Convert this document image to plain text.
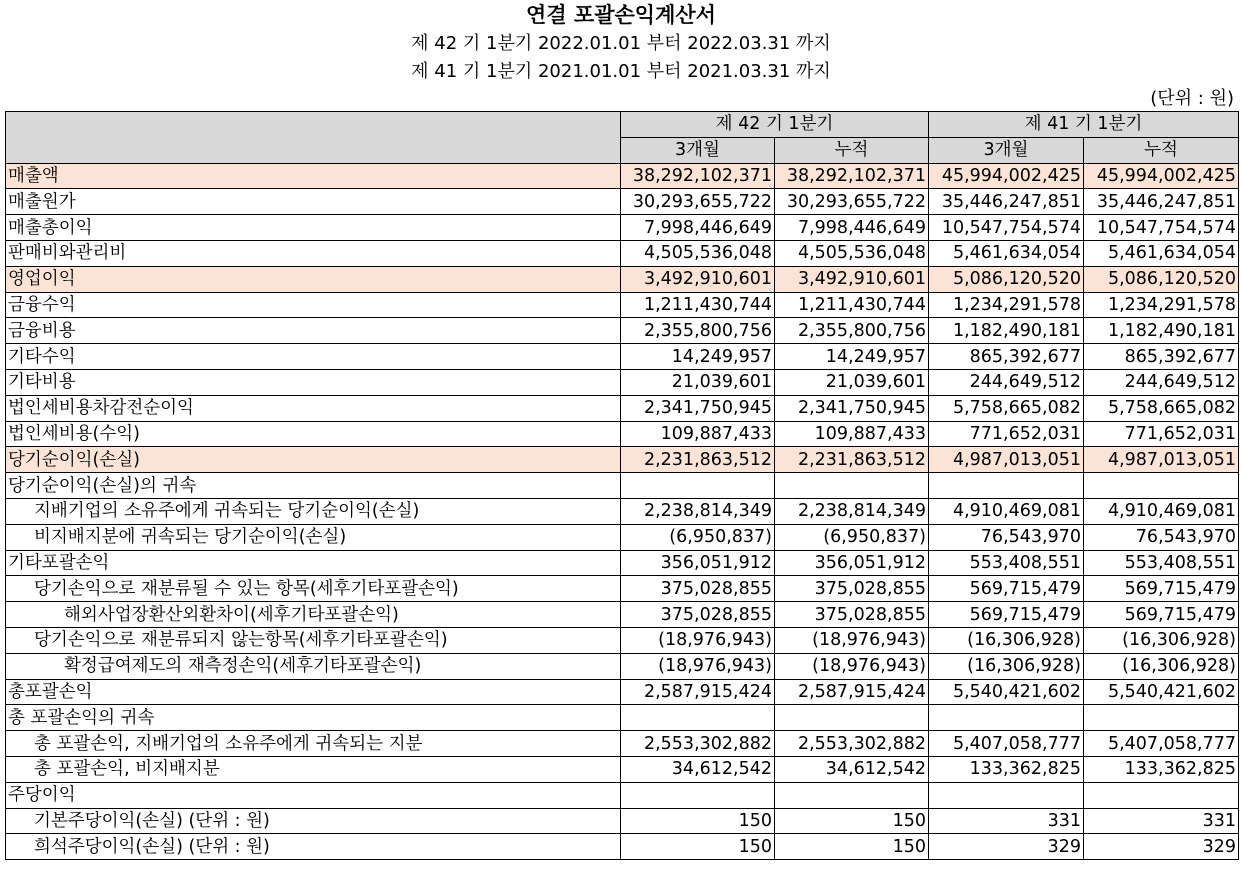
연결 포괄손익계산서
제 42 기 1분기 2022.01.01 부터 2022.03.31 까지
제 41 기 1분기 2021.01.01 부터 2021.03.31 까지
(단위 : 원)
	제 42 기 1분기		제 41 기 1분기	
	3개월	누적	3개월	누적
매출액	38,292,102,371	38,292,102,371	45,994,002,425	45,994,002,425
매출원가	30,293,655,722	30,293,655,722	35,446,247,851	35,446,247,851
매출총이익	7,998,446,649	7,998,446,649	10,547,754,574	10,547,754,574
판매비와관리비	4,505,536,048	4,505,536,048	5,461,634,054	5,461,634,054
영업이익	3,492,910,601	3,492,910,601	5,086,120,520	5,086,120,520
금융수익	1,211,430,744	1,211,430,744	1,234,291,578	1,234,291,578
금융비용	2,355,800,756	2,355,800,756	1,182,490,181	1,182,490,181
기타수익	14,249,957	14,249,957	865,392,677	865,392,677
기타비용	21,039,601	21,039,601	244,649,512	244,649,512
법인세비용차감전순이익	2,341,750,945	2,341,750,945	5,758,665,082	5,758,665,082
법인세비용(수익)	109,887,433	109,887,433	771,652,031	771,652,031
당기순이익(손실)	2,231,863,512	2,231,863,512	4,987,013,051	4,987,013,051
당기순이익(손실)의 귀속				
지배기업의 소유주에게 귀속되는 당기순이익(손실)	2,238,814,349	2,238,814,349	4,910,469,081	4,910,469,081
비지배지분에 귀속되는 당기순이익(손실)	(6,950,837)	(6,950,837)	76,543,970	76,543,970
기타포괄손익	356,051,912	356,051,912	553,408,551	553,408,551
당기손익으로 재분류될 수 있는 항목(세후기타포괄손익)	375,028,855	375,028,855	569,715,479	569,715,479
해외사업장환산외환차이(세후기타포괄손익)	375,028,855	375,028,855	569,715,479	569,715,479
당기손익으로 재분류되지 않는항목(세후기타포괄손익)	(18,976,943)	(18,976,943)	(16,306,928)	(16,306,928)
확정급여제도의 재측정손익(세후기타포괄손익)	(18,976,943)	(18,976,943)	(16,306,928)	(16,306,928)
총포괄손익	2,587,915,424	2,587,915,424	5,540,421,602	5,540,421,602
총 포괄손익의 귀속				
총 포괄손익, 지배기업의 소유주에게 귀속되는 지분	2,553,302,882	2,553,302,882	5,407,058,777	5,407,058,777
총 포괄손익, 비지배지분	34,612,542	34,612,542	133,362,825	133,362,825
주당이익				
기본주당이익(손실) (단위 : 원)	150	150	331	331
희석주당이익(손실) (단위 : 원)	150	150	329	329
